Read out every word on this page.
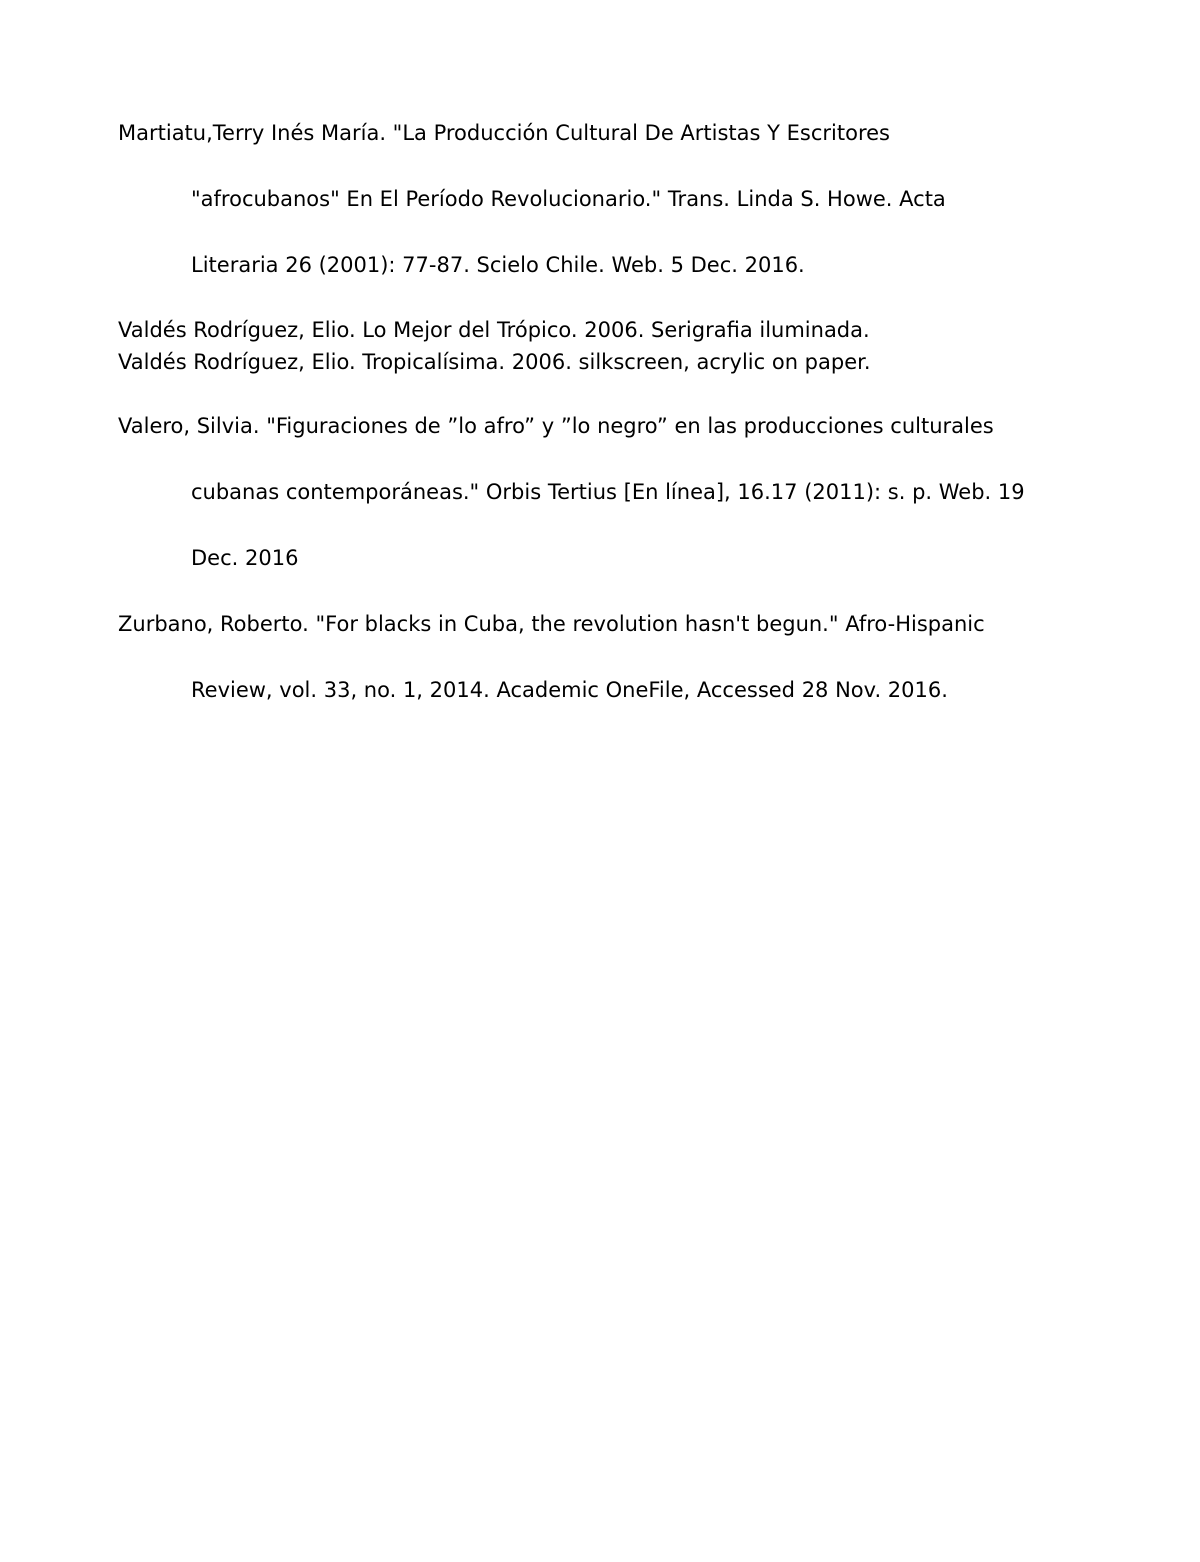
Martiatu,Terry Inés María. "La Producción Cultural De Artistas Y Escritores
"afrocubanos" En El Período Revolucionario." Trans. Linda S. Howe. Acta
Literaria 26 (2001): 77-87. Scielo Chile. Web. 5 Dec. 2016.
Valdés Rodríguez, Elio. Lo Mejor del Trópico. 2006. Serigrafia iluminada.
Valdés Rodríguez, Elio. Tropicalísima. 2006. silkscreen, acrylic on paper.
Valero, Silvia. "Figuraciones de ”lo afro” y ”lo negro” en las producciones culturales
cubanas contemporáneas." Orbis Tertius [En línea], 16.17 (2011): s. p. Web. 19
Dec. 2016
Zurbano, Roberto. "For blacks in Cuba, the revolution hasn't begun." Afro-Hispanic
Review, vol. 33, no. 1, 2014. Academic OneFile, Accessed 28 Nov. 2016.
